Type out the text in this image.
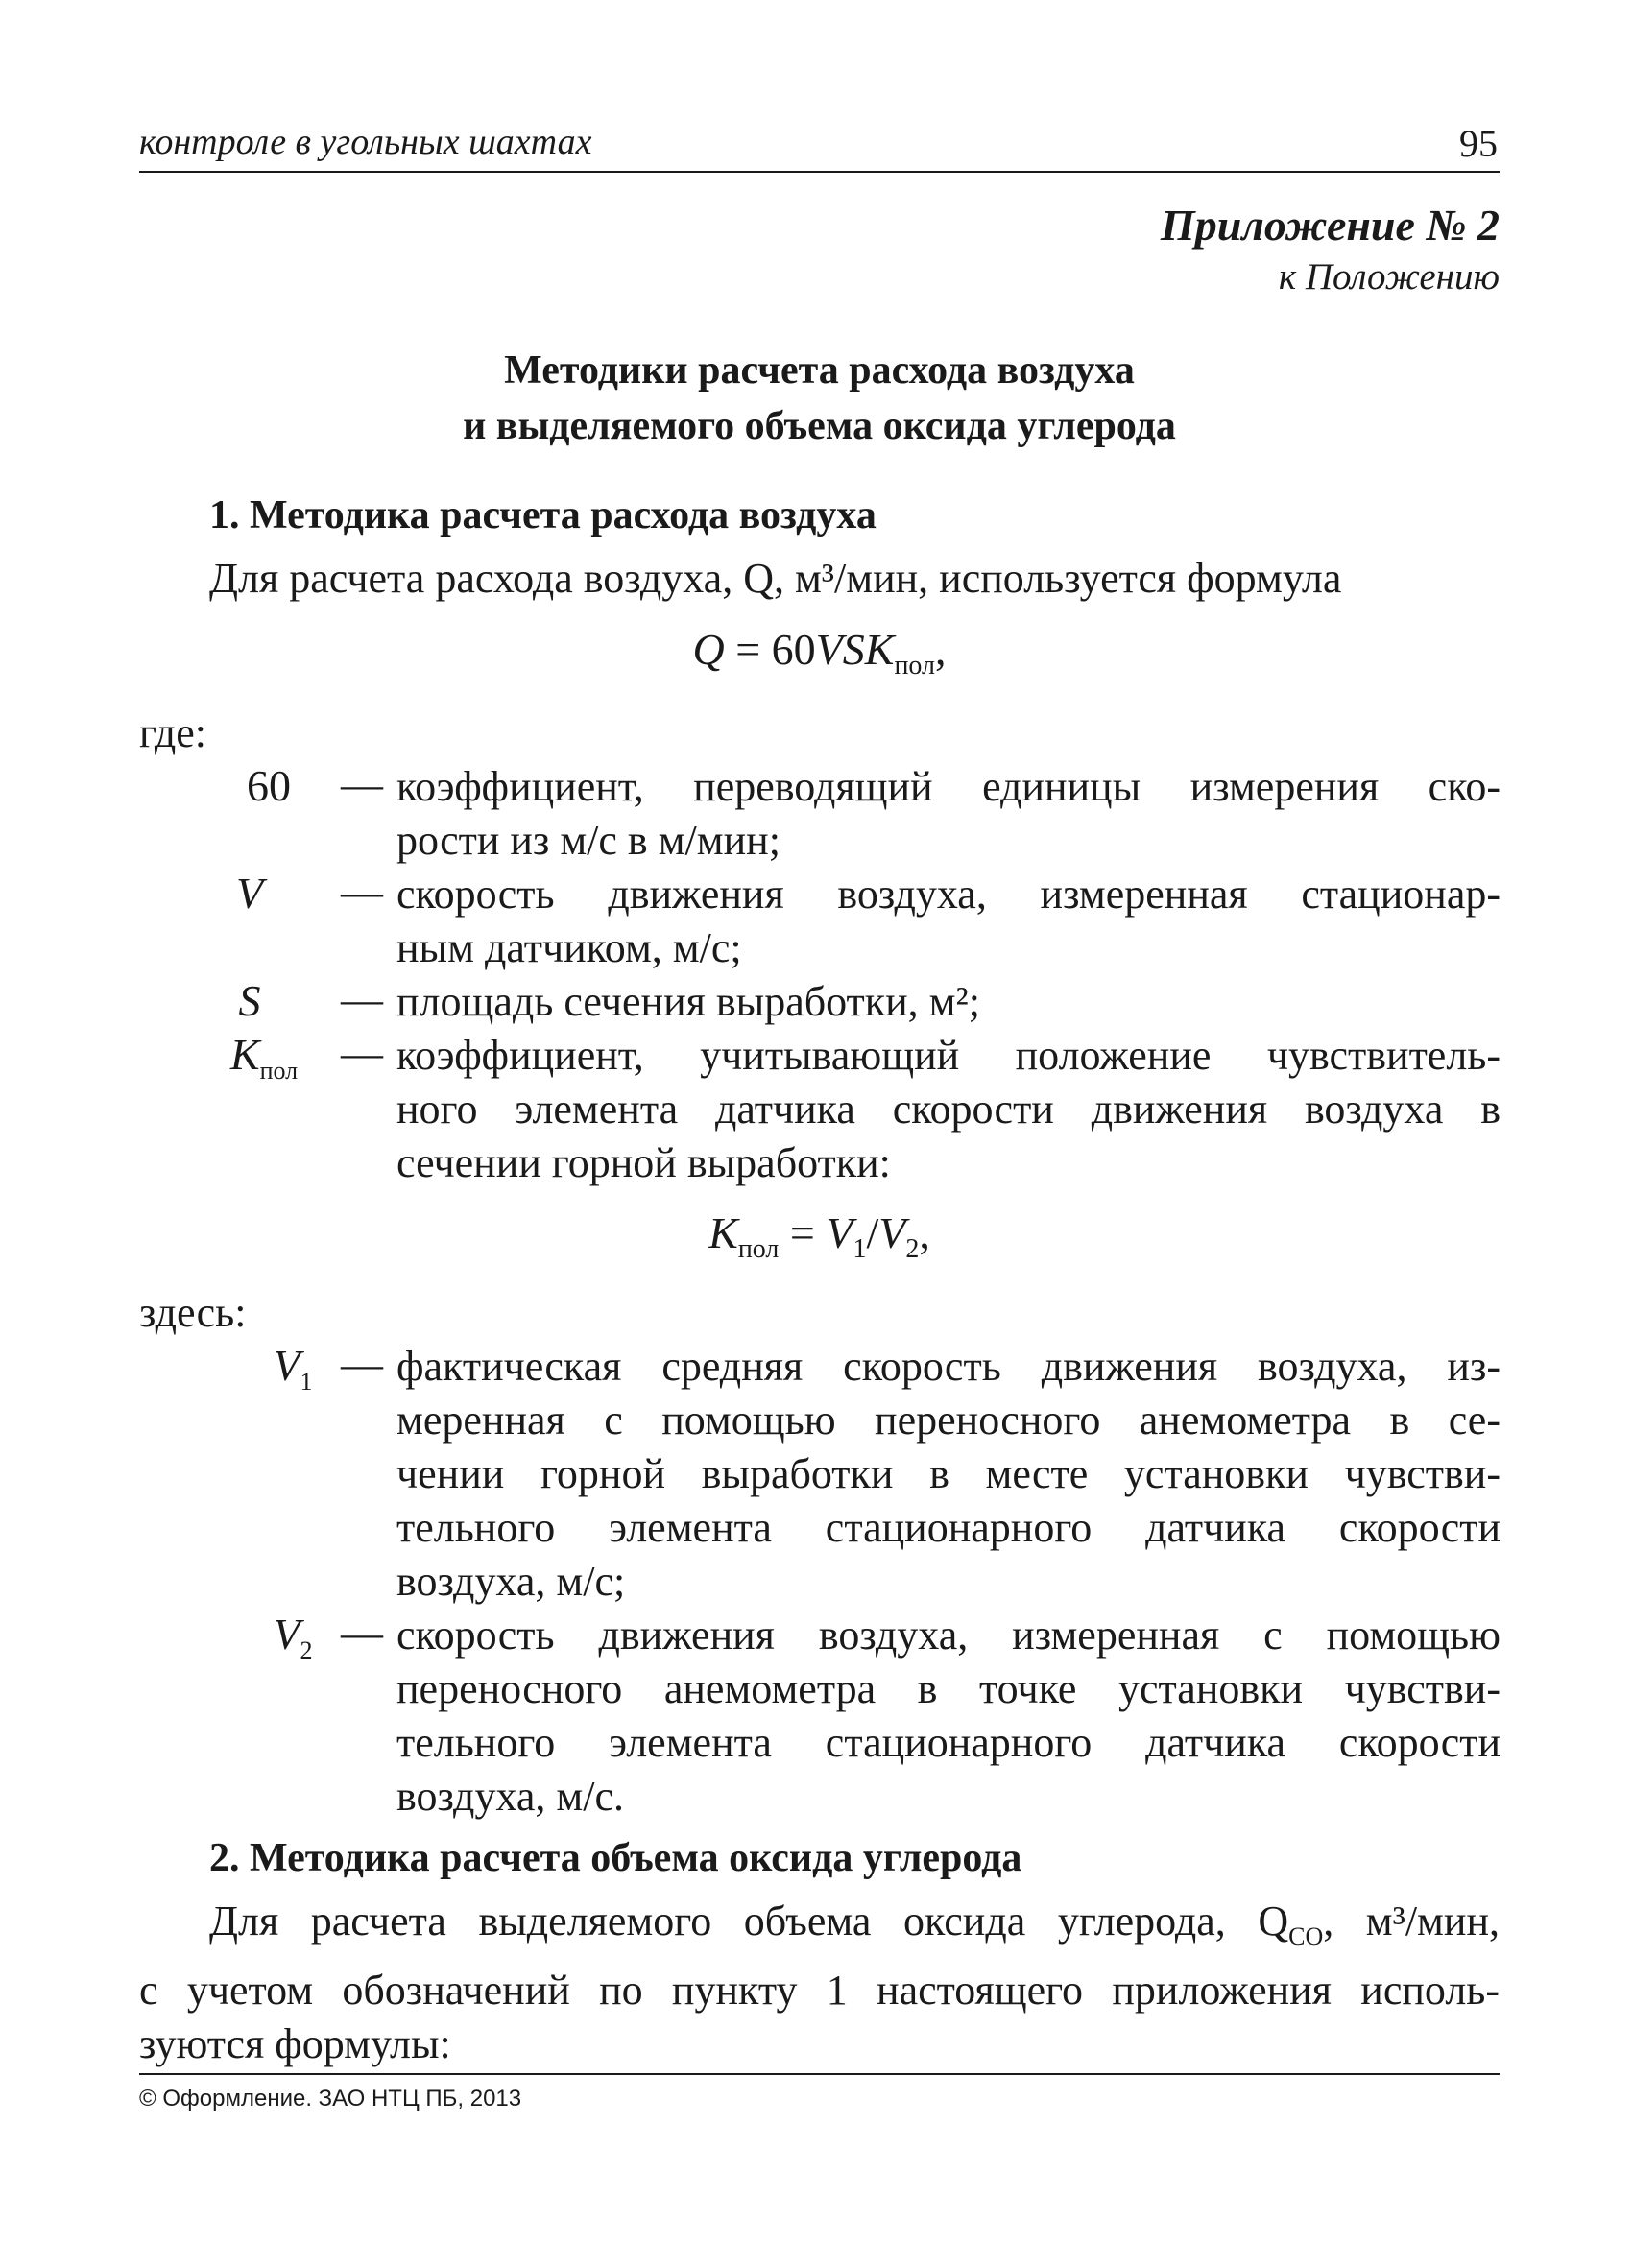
контроле в угольных шахтах	95
Приложение № 2
к Положению
Методики расчета расхода воздуха
и выделяемого объема оксида углерода
1. Методика расчета расхода воздуха
Для расчета расхода воздуха, Q, м³/мин, используется формула
$Q = 60VSK_{пол}$,
где:
60	— коэффициент, переводящий единицы измерения ско-
рости из м/с в м/мин;
V	— скорость движения воздуха, измеренная стационар-
ным датчиком, м/с;
S	— площадь сечения выработки, м²;
$K_{пол}$	— коэффициент, учитывающий положение чувствитель-
ного элемента датчика скорости движения воздуха в
сечении горной выработки:
$K_{пол} = V_1/V_2$,
здесь:
$V_1$ — фактическая средняя скорость движения воздуха, из-
меренная с помощью переносного анемометра в се-
чении горной выработки в месте установки чувстви-
тельного элемента стационарного датчика скорости
воздуха, м/с;
$V_2$ — скорость движения воздуха, измеренная с помощью
переносного анемометра в точке установки чувстви-
тельного элемента стационарного датчика скорости
воздуха, м/с.
2. Методика расчета объема оксида углерода
Для расчета выделяемого объема оксида углерода, $Q_{CO}$, м³/мин,
с учетом обозначений по пункту 1 настоящего приложения исполь-
зуются формулы:
© Оформление. ЗАО НТЦ ПБ, 2013
